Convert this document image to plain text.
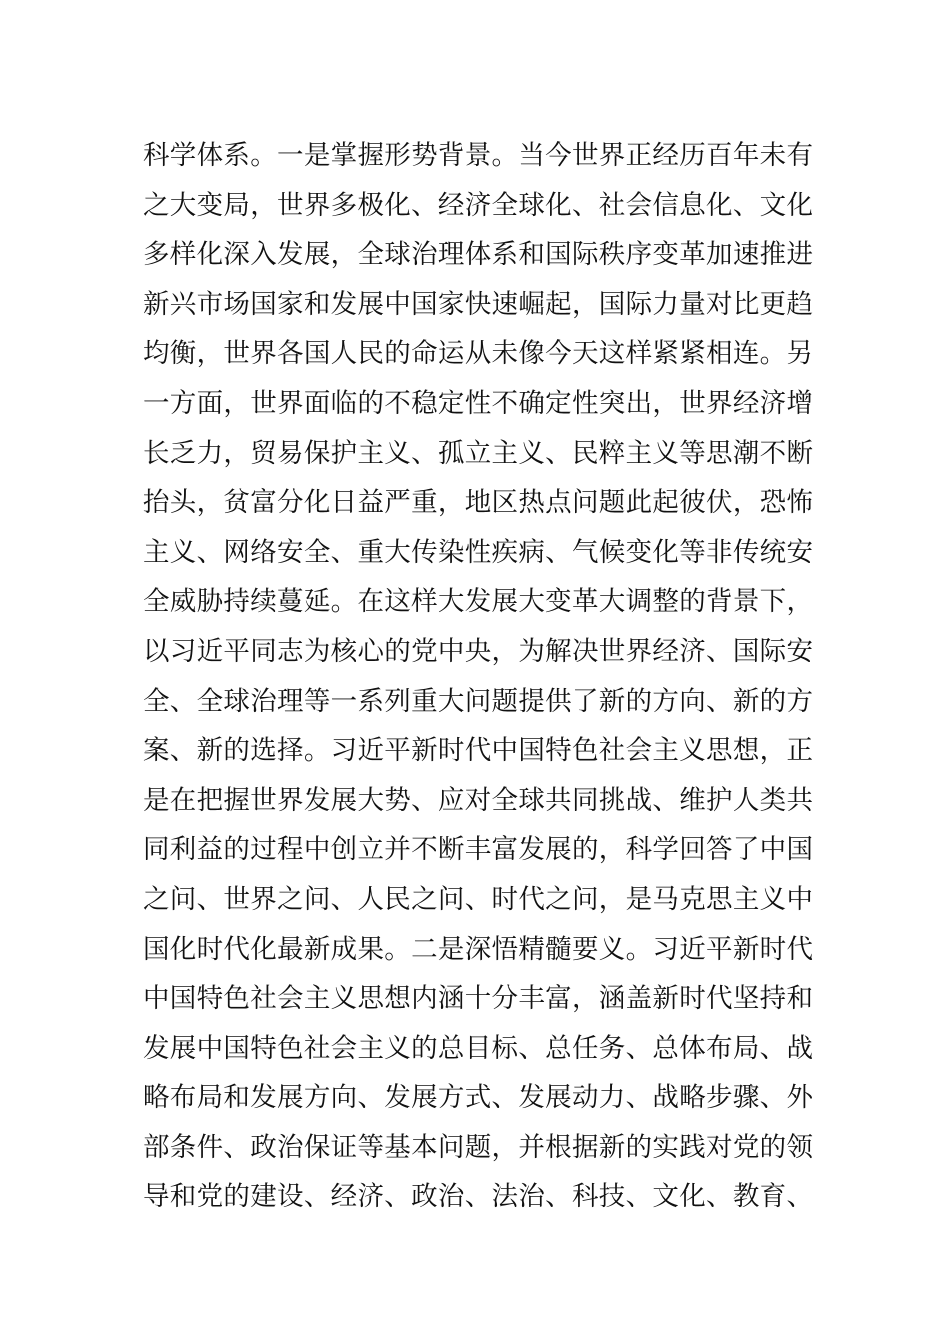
科学体系。一是掌握形势背景。当今世界正经历百年未有
之大变局，世界多极化、经济全球化、社会信息化、文化
多样化深入发展，全球治理体系和国际秩序变革加速推进
新兴市场国家和发展中国家快速崛起，国际力量对比更趋
均衡，世界各国人民的命运从未像今天这样紧紧相连。另
一方面，世界面临的不稳定性不确定性突出，世界经济增
长乏力，贸易保护主义、孤立主义、民粹主义等思潮不断
抬头，贫富分化日益严重，地区热点问题此起彼伏，恐怖
主义、网络安全、重大传染性疾病、气候变化等非传统安
全威胁持续蔓延。在这样大发展大变革大调整的背景下，
以习近平同志为核心的党中央，为解决世界经济、国际安
全、全球治理等一系列重大问题提供了新的方向、新的方
案、新的选择。习近平新时代中国特色社会主义思想，正
是在把握世界发展大势、应对全球共同挑战、维护人类共
同利益的过程中创立并不断丰富发展的，科学回答了中国
之问、世界之问、人民之问、时代之问，是马克思主义中
国化时代化最新成果。二是深悟精髓要义。习近平新时代
中国特色社会主义思想内涵十分丰富，涵盖新时代坚持和
发展中国特色社会主义的总目标、总任务、总体布局、战
略布局和发展方向、发展方式、发展动力、战略步骤、外
部条件、政治保证等基本问题，并根据新的实践对党的领
导和党的建设、经济、政治、法治、科技、文化、教育、
